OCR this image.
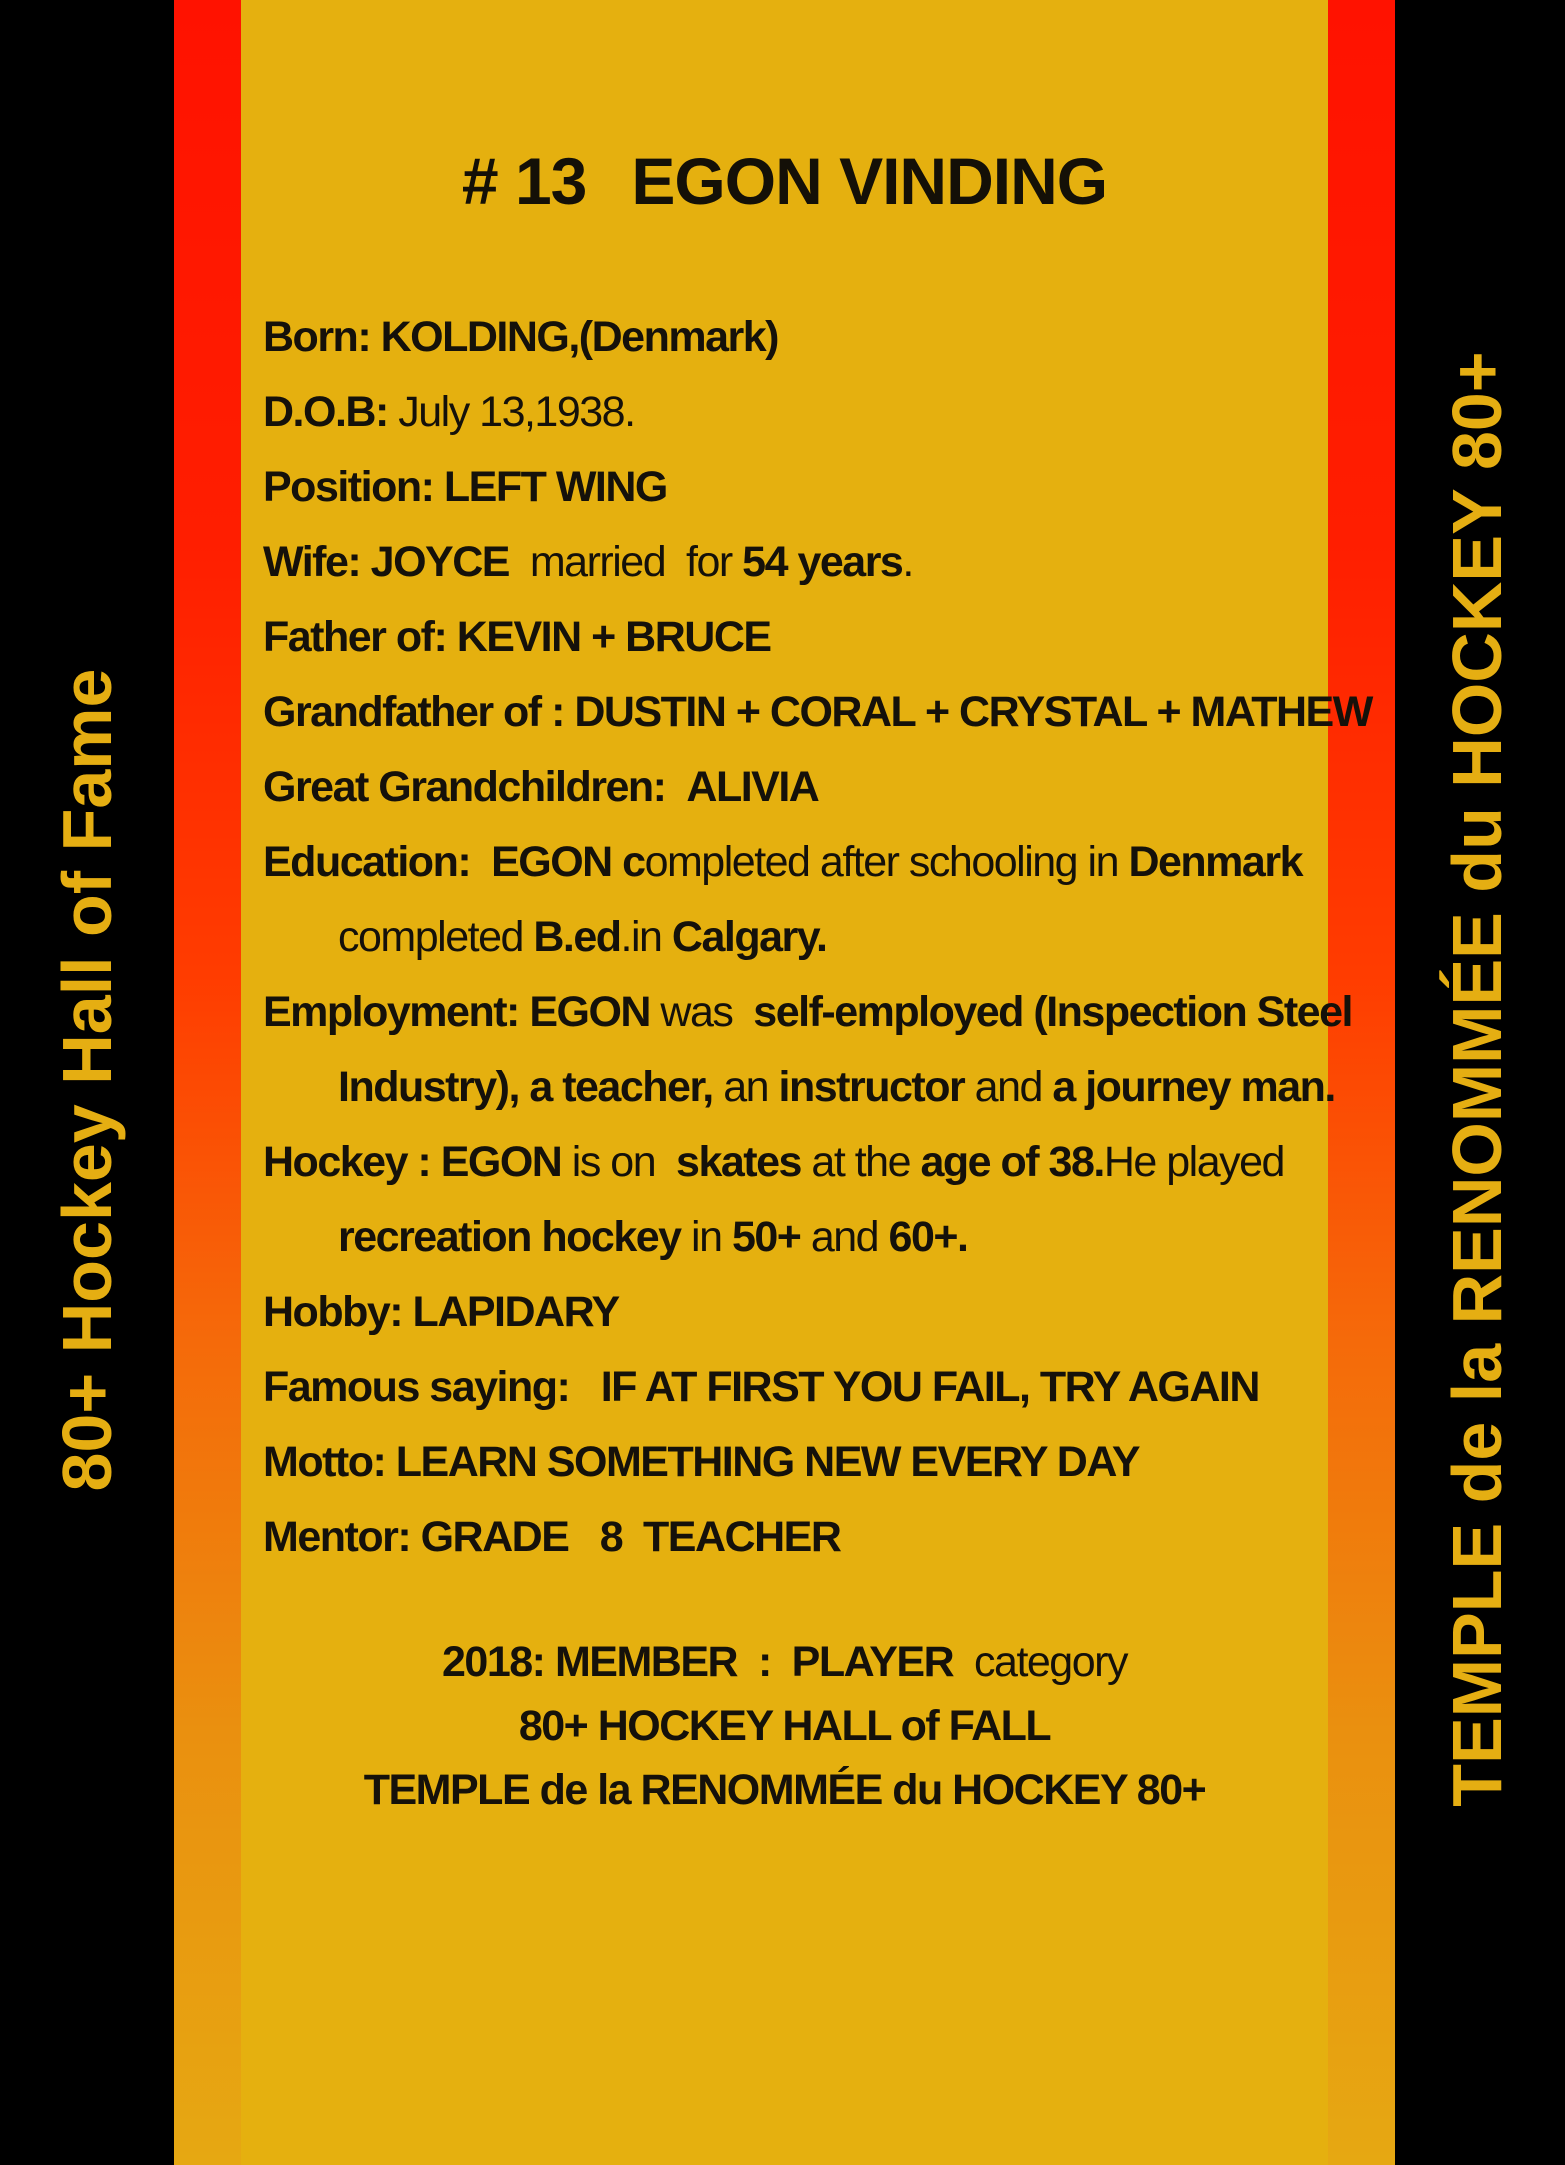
80+ Hockey Hall of Fame	TEMPLE de la RENOMMÉE du HOCKEY 80+
# 13 EGON VINDING
Born: KOLDING,(Denmark)
D.O.B: July 13,1938.
Position: LEFT WING
Wife: JOYCE married for 54 years.
Father of: KEVIN + BRUCE
Grandfather of : DUSTIN + CORAL + CRYSTAL + MATHEW
Great Grandchildren: ALIVIA
Education: EGON completed after schooling in Denmark
completed B.ed.in Calgary.
Employment: EGON was self-employed (Inspection Steel
Industry), a teacher, an instructor and a journey man.
Hockey : EGON is on skates at the age of 38.He played
recreation hockey in 50+ and 60+.
Hobby: LAPIDARY
Famous saying: IF AT FIRST YOU FAIL, TRY AGAIN
Motto: LEARN SOMETHING NEW EVERY DAY
Mentor: GRADE   8  TEACHER
2018: MEMBER  :  PLAYER category
80+ HOCKEY HALL of FALL
TEMPLE de la RENOMMÉE du HOCKEY 80+
